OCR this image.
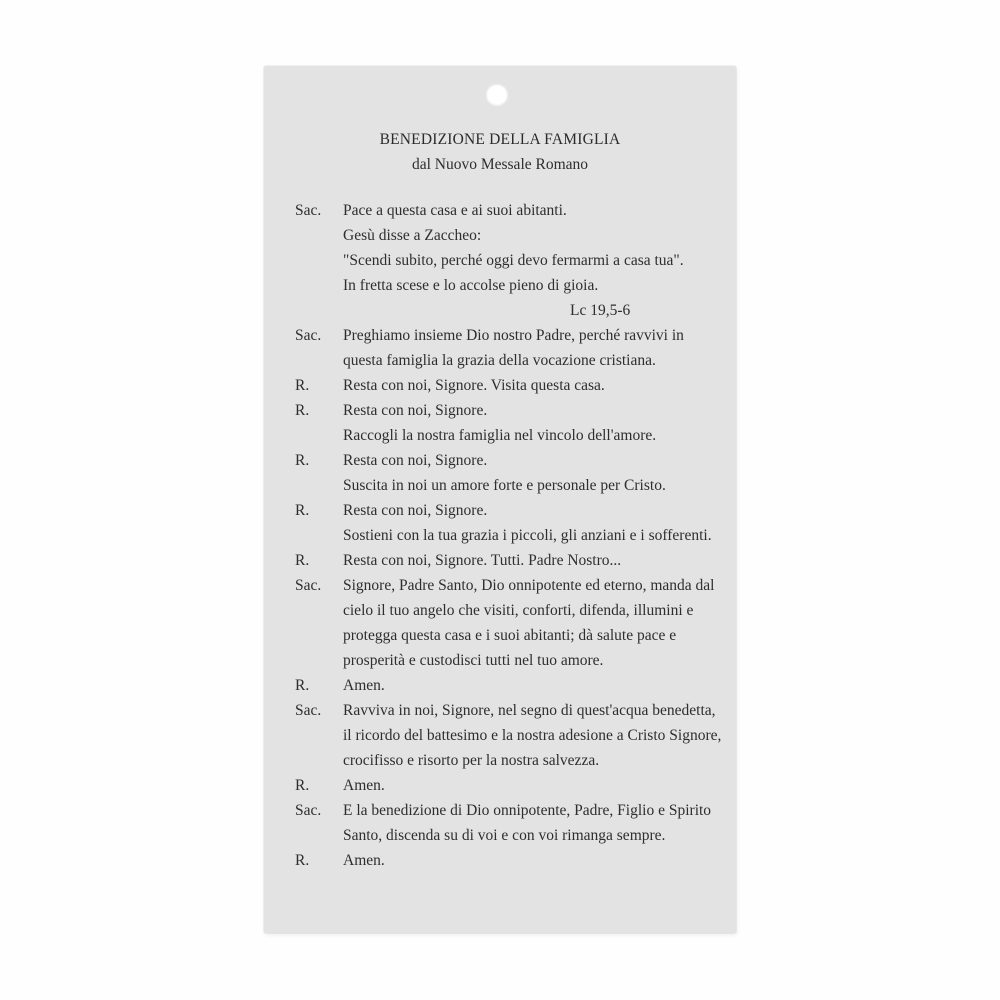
BENEDIZIONE DELLA FAMIGLIA
dal Nuovo Messale Romano
Sac.	Pace a questa casa e ai suoi abitanti.
Gesù disse a Zaccheo:
"Scendi subito, perché oggi devo fermarmi a casa tua".
In fretta scese e lo accolse pieno di gioia.
Lc 19,5-6
Sac.	Preghiamo insieme Dio nostro Padre, perché ravvivi in
questa famiglia la grazia della vocazione cristiana.
R.	Resta con noi, Signore. Visita questa casa.
R.	Resta con noi, Signore.
Raccogli la nostra famiglia nel vincolo dell'amore.
R.	Resta con noi, Signore.
Suscita in noi un amore forte e personale per Cristo.
R.	Resta con noi, Signore.
Sostieni con la tua grazia i piccoli, gli anziani e i sofferenti.
R.	Resta con noi, Signore. Tutti. Padre Nostro...
Sac.	Signore, Padre Santo, Dio onnipotente ed eterno, manda dal
cielo il tuo angelo che visiti, conforti, difenda, illumini e
protegga questa casa e i suoi abitanti; dà salute pace e
prosperità e custodisci tutti nel tuo amore.
R.	Amen.
Sac.	Ravviva in noi, Signore, nel segno di quest'acqua benedetta,
il ricordo del battesimo e la nostra adesione a Cristo Signore,
crocifisso e risorto per la nostra salvezza.
R.	Amen.
Sac.	E la benedizione di Dio onnipotente, Padre, Figlio e Spirito
Santo, discenda su di voi e con voi rimanga sempre.
R.	Amen.
